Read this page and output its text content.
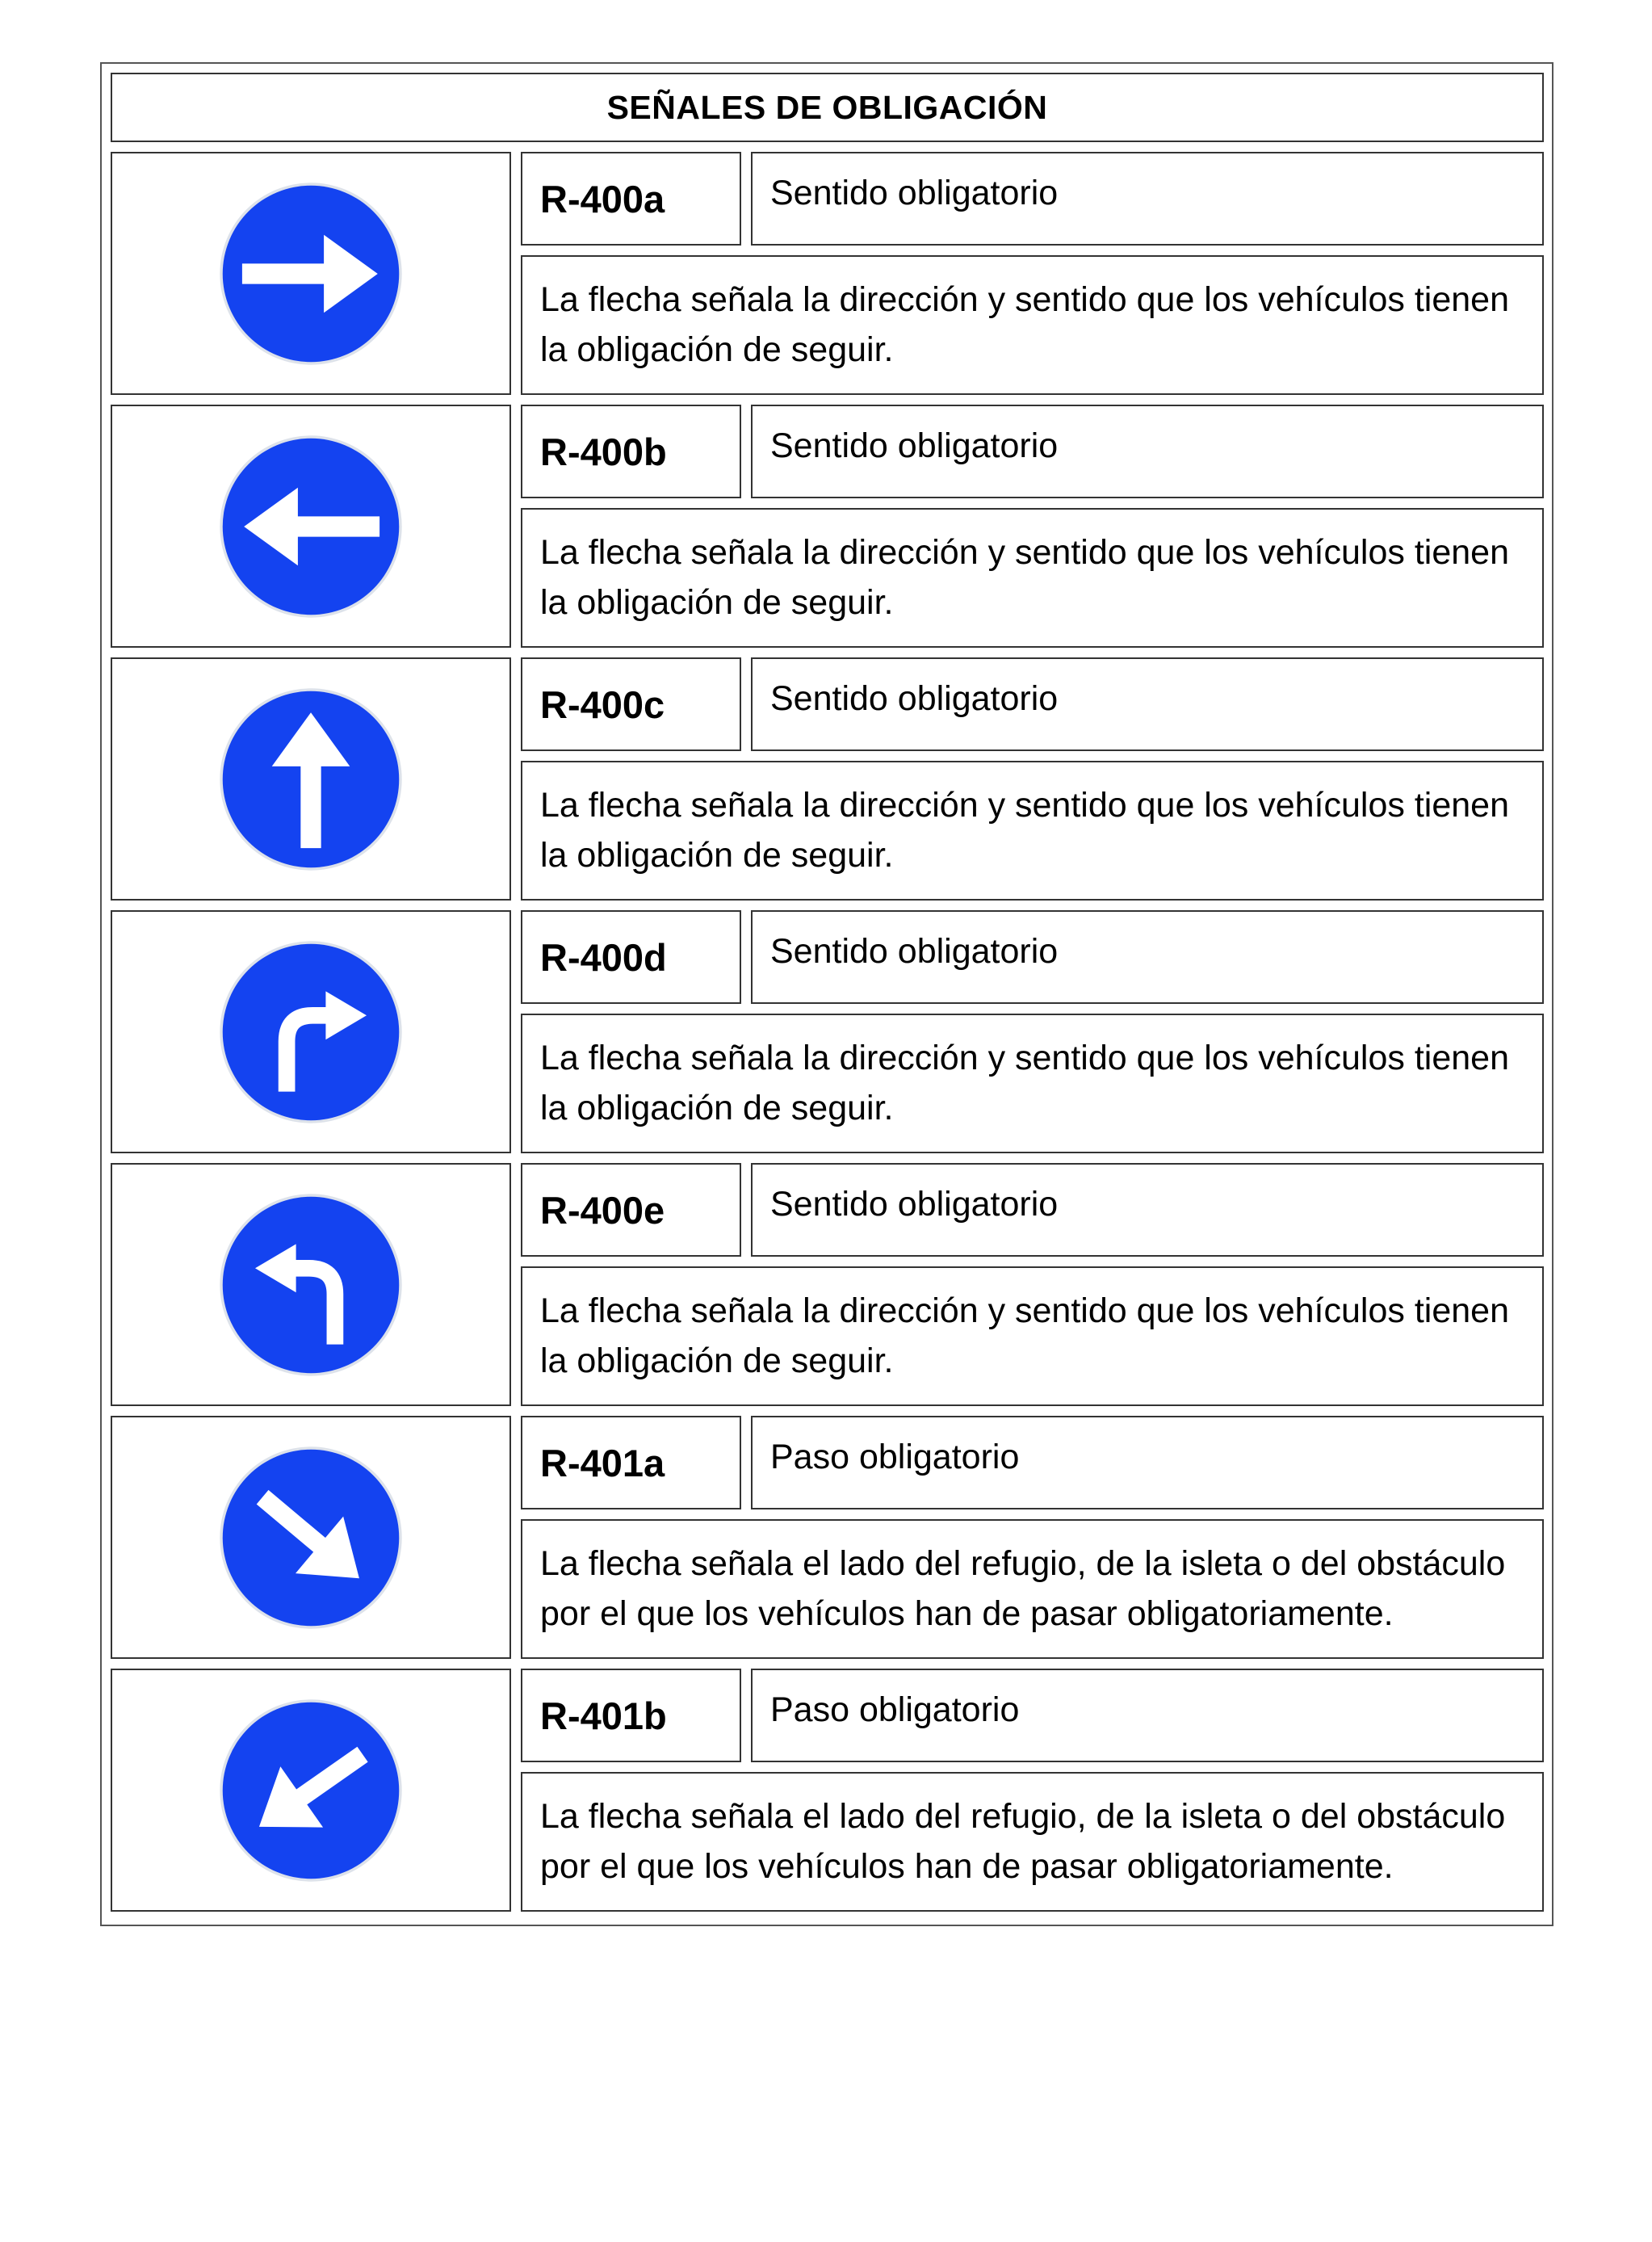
SEÑALES DE OBLIGACIÓN
R-400a	Sentido obligatorio
La flecha señala la dirección y sentido que los vehículos tienen la obligación de seguir.
R-400b	Sentido obligatorio
La flecha señala la dirección y sentido que los vehículos tienen la obligación de seguir.
R-400c	Sentido obligatorio
La flecha señala la dirección y sentido que los vehículos tienen la obligación de seguir.
R-400d	Sentido obligatorio
La flecha señala la dirección y sentido que los vehículos tienen la obligación de seguir.
R-400e	Sentido obligatorio
La flecha señala la dirección y sentido que los vehículos tienen la obligación de seguir.
R-401a	Paso obligatorio
La flecha señala el lado del refugio, de la isleta o del obstáculo por el que los vehículos han de pasar obligatoriamente.
R-401b	Paso obligatorio
La flecha señala el lado del refugio, de la isleta o del obstáculo por el que los vehículos han de pasar obligatoriamente.
